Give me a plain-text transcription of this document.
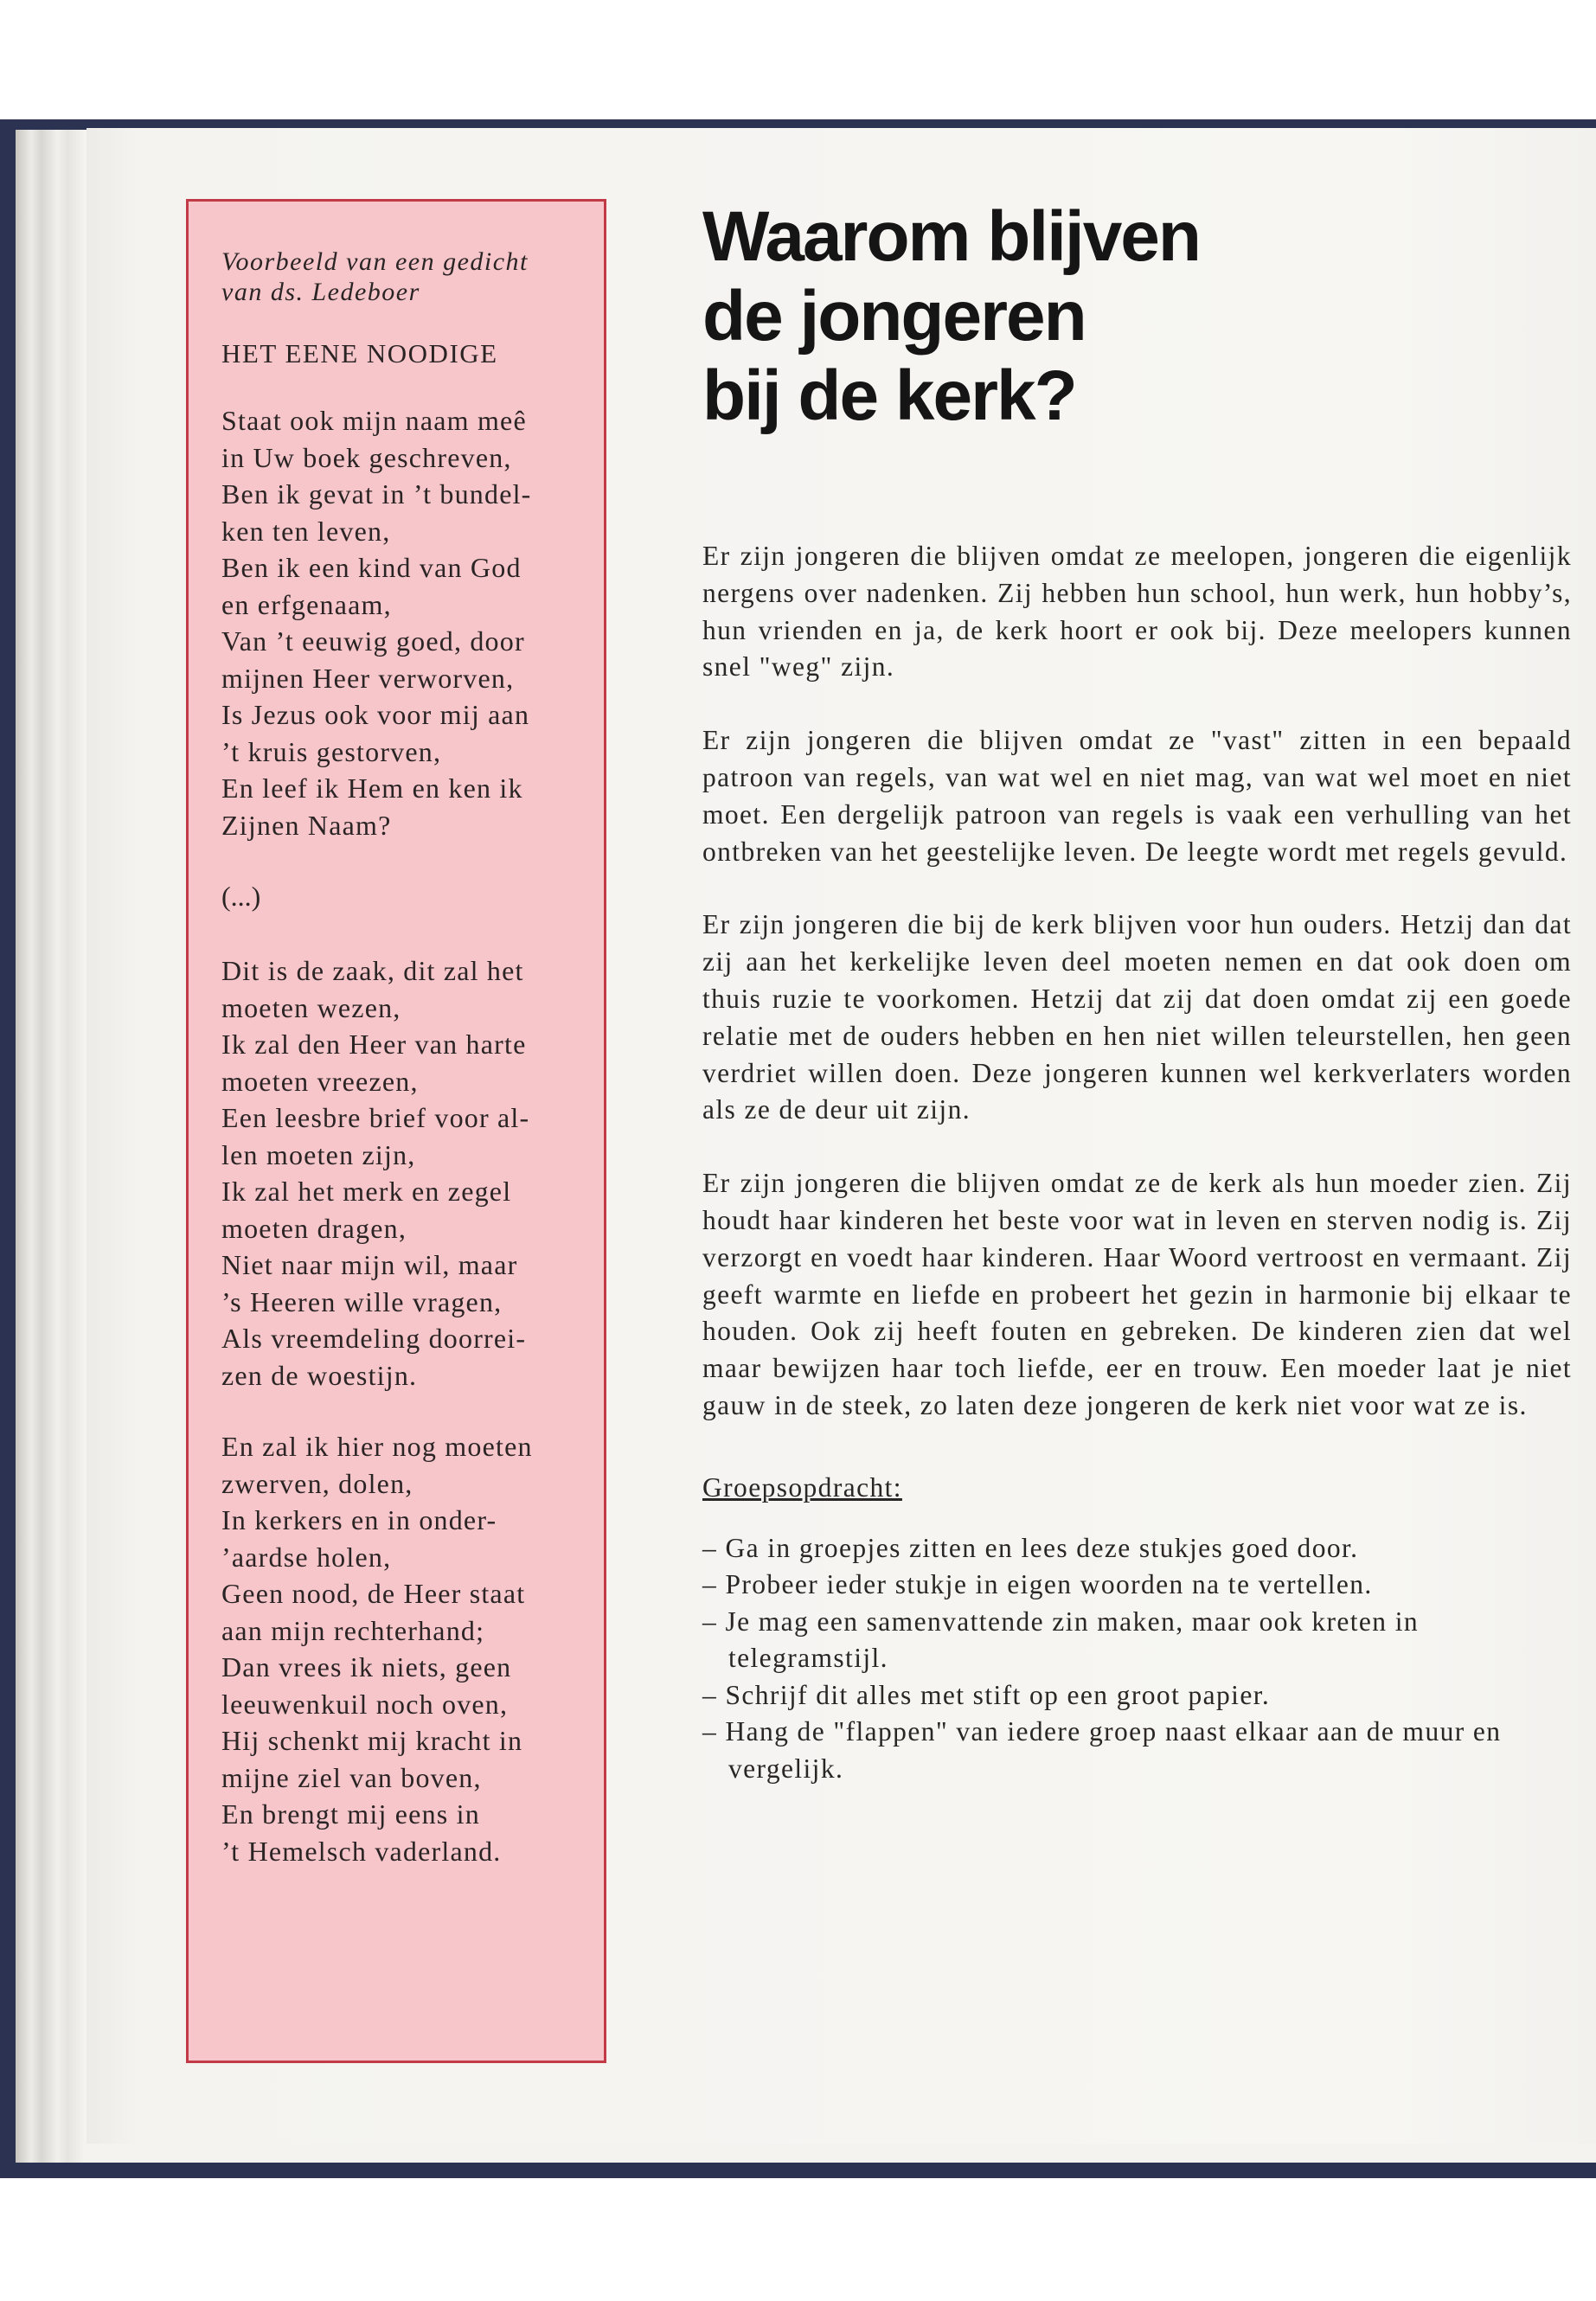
Voorbeeld van een gedicht
van ds. Ledeboer
HET EENE NOODIGE
Staat ook mijn naam meê
in Uw boek geschreven,
Ben ik gevat in ’t bundel-
ken ten leven,
Ben ik een kind van God
en erfgenaam,
Van ’t eeuwig goed, door
mijnen Heer verworven,
Is Jezus ook voor mij aan
’t kruis gestorven,
En leef ik Hem en ken ik
Zijnen Naam?
(...)
Dit is de zaak, dit zal het
moeten wezen,
Ik zal den Heer van harte
moeten vreezen,
Een leesbre brief voor al-
len moeten zijn,
Ik zal het merk en zegel
moeten dragen,
Niet naar mijn wil, maar
’s Heeren wille vragen,
Als vreemdeling doorrei-
zen de woestijn.
En zal ik hier nog moeten
zwerven, dolen,
In kerkers en in onder-
’aardse holen,
Geen nood, de Heer staat
aan mijn rechterhand;
Dan vrees ik niets, geen
leeuwenkuil noch oven,
Hij schenkt mij kracht in
mijne ziel van boven,
En brengt mij eens in
’t Hemelsch vaderland.
Waarom blijven
de jongeren
bij de kerk?

Er zijn jongeren die blijven omdat ze meelopen, jongeren die eigenlijk nergens over nadenken. Zij hebben hun school, hun werk, hun hobby’s, hun vrienden en ja, de kerk hoort er ook bij. Deze meelopers kunnen snel "weg" zijn.

Er zijn jongeren die blijven omdat ze "vast" zitten in een bepaald patroon van regels, van wat wel en niet mag, van wat wel moet en niet moet. Een dergelijk patroon van regels is vaak een verhulling van het ontbreken van het geestelijke leven. De leegte wordt met regels gevuld.

Er zijn jongeren die bij de kerk blijven voor hun ouders. Hetzij dan dat zij aan het kerkelijke leven deel moeten nemen en dat ook doen om thuis ruzie te voorkomen. Hetzij dat zij dat doen omdat zij een goede relatie met de ouders hebben en hen niet willen teleurstellen, hen geen verdriet willen doen. Deze jongeren kunnen wel kerkverlaters worden als ze de deur uit zijn.

Er zijn jongeren die blijven omdat ze de kerk als hun moeder zien. Zij houdt haar kinderen het beste voor wat in leven en sterven nodig is. Zij verzorgt en voedt haar kinderen. Haar Woord vertroost en vermaant. Zij geeft warmte en liefde en probeert het gezin in harmonie bij elkaar te houden. Ook zij heeft fouten en gebreken. De kinderen zien dat wel maar bewijzen haar toch liefde, eer en trouw. Een moeder laat je niet gauw in de steek, zo laten deze jongeren de kerk niet voor wat ze is.

Groepsopdracht:
– Ga in groepjes zitten en lees deze stukjes goed door.
– Probeer ieder stukje in eigen woorden na te vertellen.
– Je mag een samenvattende zin maken, maar ook kreten in telegramstijl.
– Schrijf dit alles met stift op een groot papier.
– Hang de "flappen" van iedere groep naast elkaar aan de muur en vergelijk.
